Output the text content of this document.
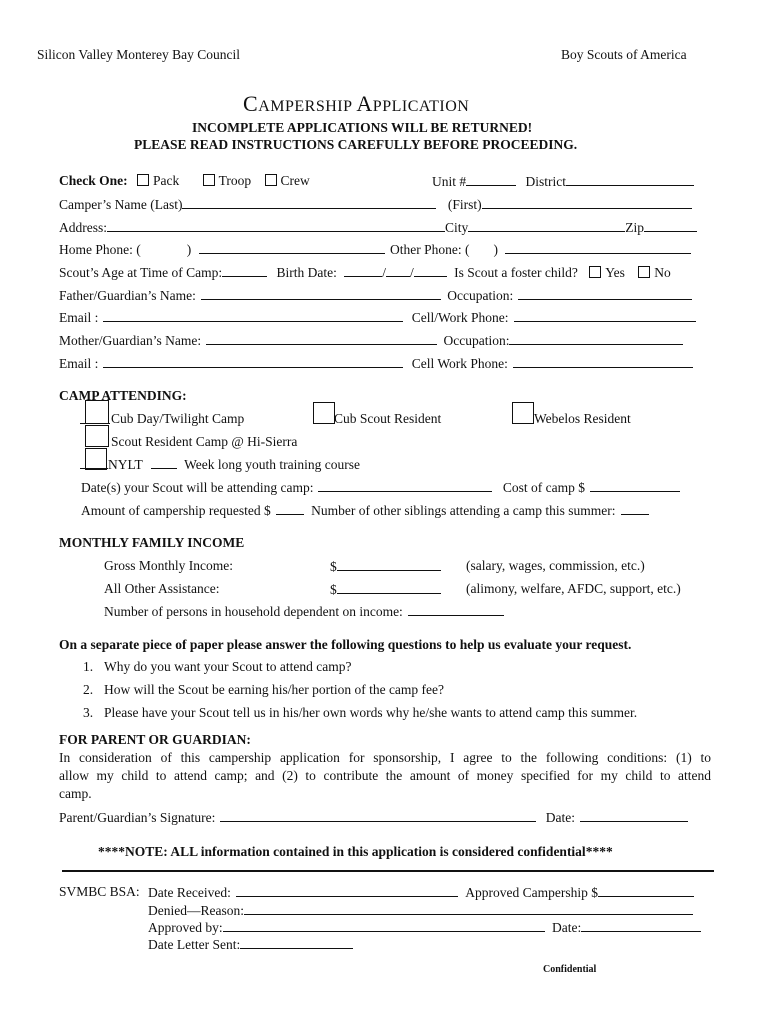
Silicon Valley Monterey Bay Council	Boy Scouts of America
CAMPERSHIP APPLICATION
INCOMPLETE APPLICATIONS WILL BE RETURNED!
PLEASE READ INSTRUCTIONS CAREFULLY BEFORE PROCEEDING.
Check One: Pack	Troop Crew	Unit #	District
Camper’s Name (Last)	(First)
Address:	City	Zip
Home Phone: (	)	Other Phone: ( )
Scout’s Age at Time of Camp:	Birth Date:	/ /	Is Scout a foster child? Yes No
Father/Guardian’s Name:	Occupation:
Email :	Cell/Work Phone:
Mother/Guardian’s Name:	Occupation:
Email :	Cell Work Phone:
CAMP ATTENDING:
Cub Day/Twilight Camp	Cub Scout Resident	Webelos Resident
Scout Resident Camp @ Hi-Sierra
NYLT	Week long youth training course
Date(s) your Scout will be attending camp:	Cost of camp $
Amount of campership requested $	Number of other siblings attending a camp this summer:
MONTHLY FAMILY INCOME
Gross Monthly Income:	$	(salary, wages, commission, etc.)
All Other Assistance:	$	(alimony, welfare, AFDC, support, etc.)
Number of persons in household dependent on income:
On a separate piece of paper please answer the following questions to help us evaluate your request.
1. Why do you want your Scout to attend camp?
2. How will the Scout be earning his/her portion of the camp fee?
3. Please have your Scout tell us in his/her own words why he/she wants to attend camp this summer.
FOR PARENT OR GUARDIAN:
In consideration of this campership application for sponsorship, I agree to the following conditions: (1) to
allow my child to attend camp; and (2) to contribute the amount of money specified for my child to attend
camp.
Parent/Guardian’s Signature:	Date:
****NOTE: ALL information contained in this application is considered confidential****
SVMBC BSA: Date Received:	Approved Campership $
Denied—Reason:
Approved by:	Date:
Date Letter Sent:
Confidential
